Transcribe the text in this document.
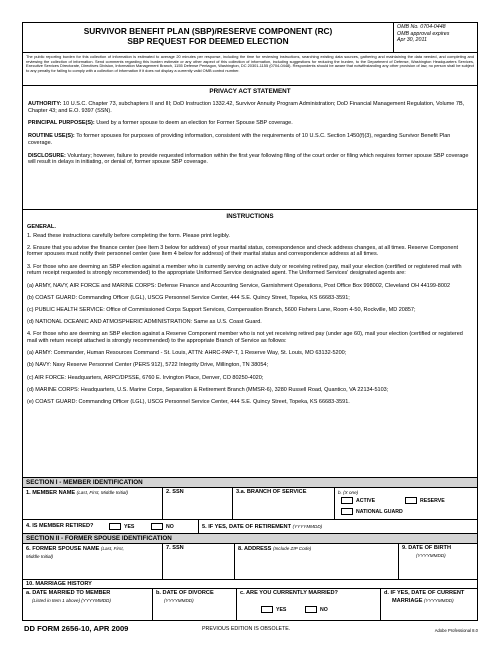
SURVIVOR BENEFIT PLAN (SBP)/RESERVE COMPONENT (RC)
SBP REQUEST FOR DEEMED ELECTION
OMB No. 0704-0448
OMB approval expires
Apr 30, 2011
The public reporting burden for this collection of information is estimated to average 20 minutes per response, including the time for reviewing instructions, searching existing data sources, gathering and maintaining the data needed, and completing and reviewing the collection of information. Send comments regarding this burden estimate or any other aspect of this collection of information, including suggestions for reducing the burden, to the Department of Defense, Washington Headquarters Services, Executive Services Directorate, Directives Division, Information Management Branch, 1155 Defense Pentagon, Washington, DC 20301-1155 (0704-0448). Respondents should be aware that notwithstanding any other provision of law, no person shall be subject to any penalty for failing to comply with a collection of information if it does not display a currently valid OMB control number.
PRIVACY ACT STATEMENT
AUTHORITY: 10 U.S.C. Chapter 73, subchapters II and III; DoD Instruction 1332.42, Survivor Annuity Program Administration; DoD Financial Management Regulation, Volume 7B, Chapter 43; and E.O. 9397 (SSN).
PRINCIPAL PURPOSE(S): Used by a former spouse to deem an election for Former Spouse SBP coverage.
ROUTINE USE(S): To former spouses for purposes of providing information, consistent with the requirements of 10 U.S.C. Section 1450(f)(3), regarding Survivor Benefit Plan coverage.
DISCLOSURE: Voluntary; however, failure to provide requested information within the first year following filing of the court order or filing which requires former spouse SBP coverage will result in delays in initiating, or denial of, former spouse SBP coverage.
INSTRUCTIONS
GENERAL.
1. Read these instructions carefully before completing the form. Please print legibly.
2. Ensure that you advise the finance center (see Item 3 below for address) of your marital status, correspondence and check address changes, at all times. Reserve Component former spouses must notify their personnel center (see Item 4 below for address) of their marital status and correspondence address at all times.
3. For those who are deeming an SBP election against a member who is currently serving on active duty or receiving retired pay, mail your election (certified or registered mail with return receipt requested is strongly recommended) to the appropriate Uniformed Service designated agent. The Uniformed Services' designated agents are:
(a) ARMY, NAVY, AIR FORCE and MARINE CORPS: Defense Finance and Accounting Service, Garnishment Operations, Post Office Box 998002, Cleveland OH 44199-8002
(b) COAST GUARD: Commanding Officer (LGL), USCG Personnel Service Center, 444 S.E. Quincy Street, Topeka, KS 66683-3591;
(c) PUBLIC HEALTH SERVICE: Office of Commissioned Corps Support Services, Compensation Branch, 5600 Fishers Lane, Room 4-50, Rockville, MD 20857;
(d) NATIONAL OCEANIC AND ATMOSPHERIC ADMINISTRATION: Same as U.S. Coast Guard.
4. For those who are deeming an SBP election against a Reserve Component member who is not yet receiving retired pay (under age 60), mail your election (certified or registered mail with return receipt attached is strongly recommended) to the appropriate Branch of Service as follows:
(a) ARMY: Commander, Human Resources Command - St. Louis, ATTN: AHRC-PAP-T, 1 Reserve Way, St. Louis, MO 63132-5200;
(b) NAVY: Navy Reserve Personnel Center (PERS 912), 5722 Integrity Drive, Millington, TN 38054;
(c) AIR FORCE: Headquarters, ARPC/DPSSE, 6760 E. Irvington Place, Denver, CO 80250-4020;
(d) MARINE CORPS: Headquarters, U.S. Marine Corps, Separation & Retirement Branch (MMSR-6), 3280 Russell Road, Quantico, VA 22134-5103;
(e) COAST GUARD: Commanding Officer (LGL), USCG Personnel Service Center, 444 S.E. Quincy Street, Topeka, KS 66683-3591.
SECTION I - MEMBER IDENTIFICATION
1. MEMBER NAME (Last, First, Middle Initial)	2. SSN	3.a. BRANCH OF SERVICE	b. (X one)
ACTIVE	RESERVE
NATIONAL GUARD
4. IS MEMBER RETIRED?	YES	NO	5. IF YES, DATE OF RETIREMENT (YYYYMMDD)
SECTION II - FORMER SPOUSE IDENTIFICATION
6. FORMER SPOUSE NAME (Last, First,
Middle Initial)
7. SSN	8. ADDRESS (Include ZIP Code)	9. DATE OF BIRTH
(YYYYMMDD)
10. MARRIAGE HISTORY
a. DATE MARRIED TO MEMBER
(Listed in Item 1 above) (YYYYMMDD)
b. DATE OF DIVORCE
(YYYYMMDD)
c. ARE YOU CURRENTLY MARRIED?
YES	NO
d. IF YES, DATE OF CURRENT
MARRIAGE (YYYYMMDD)
DD FORM 2656-10, APR 2009	PREVIOUS EDITION IS OBSOLETE.	Adobe Professional 8.0
